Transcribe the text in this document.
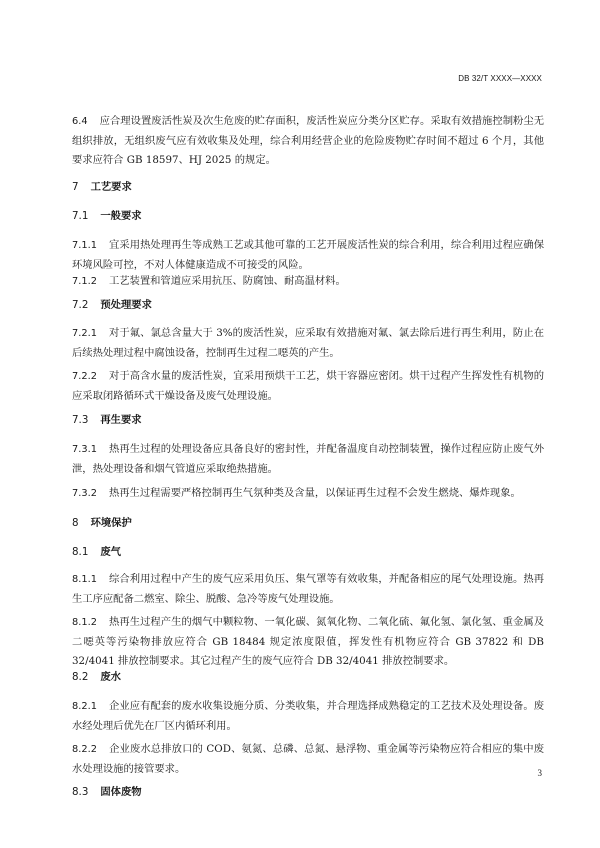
DB 32/T XXXX—XXXX

6.4 应合理设置废活性炭及次生危废的贮存面积，废活性炭应分类分区贮存。采取有效措施控制粉尘无组织排放，无组织废气应有效收集及处理，综合利用经营企业的危险废物贮存时间不超过 6 个月，其他要求应符合 GB 18597、HJ 2025 的规定。

7 工艺要求

7.1 一般要求

7.1.1 宜采用热处理再生等成熟工艺或其他可靠的工艺开展废活性炭的综合利用，综合利用过程应确保环境风险可控，不对人体健康造成不可接受的风险。

7.1.2 工艺装置和管道应采用抗压、防腐蚀、耐高温材料。

7.2 预处理要求

7.2.1 对于氟、氯总含量大于 3%的废活性炭，应采取有效措施对氟、氯去除后进行再生利用，防止在后续热处理过程中腐蚀设备，控制再生过程二噁英的产生。

7.2.2 对于高含水量的废活性炭，宜采用预烘干工艺，烘干容器应密闭。烘干过程产生挥发性有机物的应采取闭路循环式干燥设备及废气处理设施。

7.3 再生要求

7.3.1 热再生过程的处理设备应具备良好的密封性，并配备温度自动控制装置，操作过程应防止废气外泄，热处理设备和烟气管道应采取绝热措施。

7.3.2 热再生过程需要严格控制再生气氛种类及含量，以保证再生过程不会发生燃烧、爆炸现象。

8 环境保护

8.1 废气

8.1.1 综合利用过程中产生的废气应采用负压、集气罩等有效收集，并配备相应的尾气处理设施。热再生工序应配备二燃室、除尘、脱酸、急冷等废气处理设施。

8.1.2 热再生过程产生的烟气中颗粒物、一氧化碳、氮氧化物、二氧化硫、氟化氢、氯化氢、重金属及二噁英等污染物排放应符合 GB 18484 规定浓度限值，挥发性有机物应符合 GB 37822 和 DB 32/4041 排放控制要求。其它过程产生的废气应符合 DB 32/4041 排放控制要求。

8.2 废水

8.2.1 企业应有配套的废水收集设施分质、分类收集，并合理选择成熟稳定的工艺技术及处理设备。废水经处理后优先在厂区内循环利用。

8.2.2 企业废水总排放口的 COD、氨氮、总磷、总氮、悬浮物、重金属等污染物应符合相应的集中废水处理设施的接管要求。

8.3 固体废物

3
